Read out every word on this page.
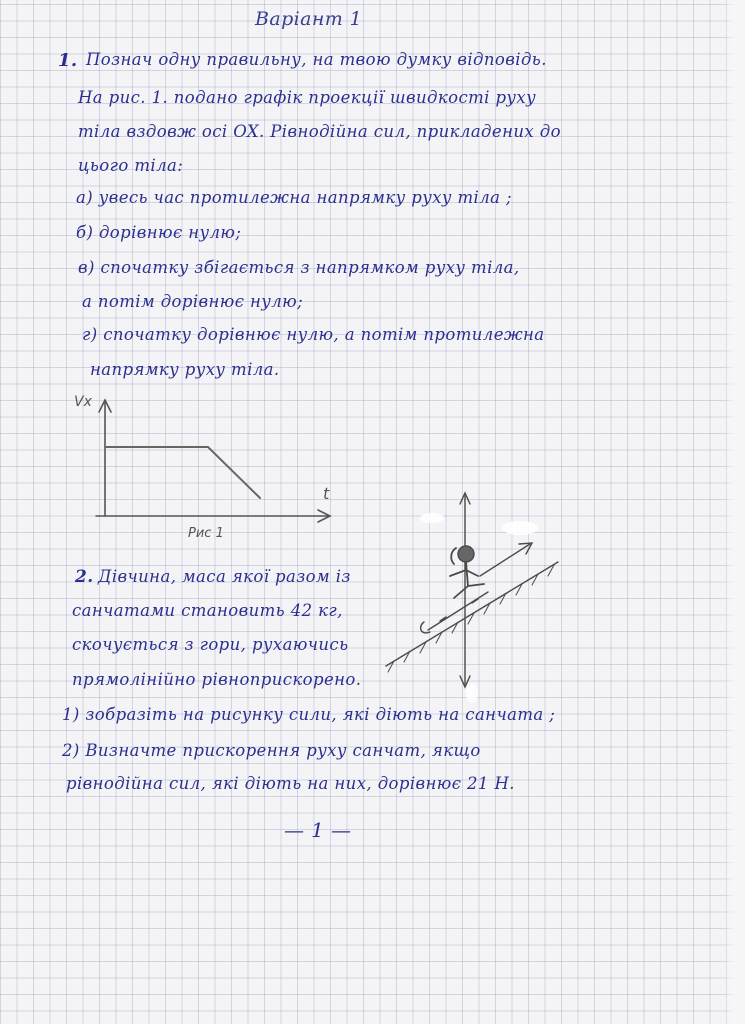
Варіант 1

1. Познач одну правильну, на твою думку відповідь.

На рис. 1. подано графік проекції швидкості руху

тіла вздовж осі OX. Рівнодійна сил, прикладених до

цього тіла:

а) увесь час протилежна напрямку руху тіла ;

б) дорівнює нулю;

в) спочатку збігається з напрямком руху тіла,

а потім дорівнює нулю;

г) спочатку дорівнює нулю, а потім протилежна

напрямку руху тіла.

Vx

t

Рис 1

2. Дівчина, маса якої разом із

санчатами становить 42 кг,

скочується з гори, рухаючись

прямолінійно рівноприскорено.

1) зобразіть на рисунку сили, які діють на санчата ;

2) Визначте прискорення руху санчат, якщо

рівнодійна сил, які діють на них, дорівнює 21 Н.

— 1 —
